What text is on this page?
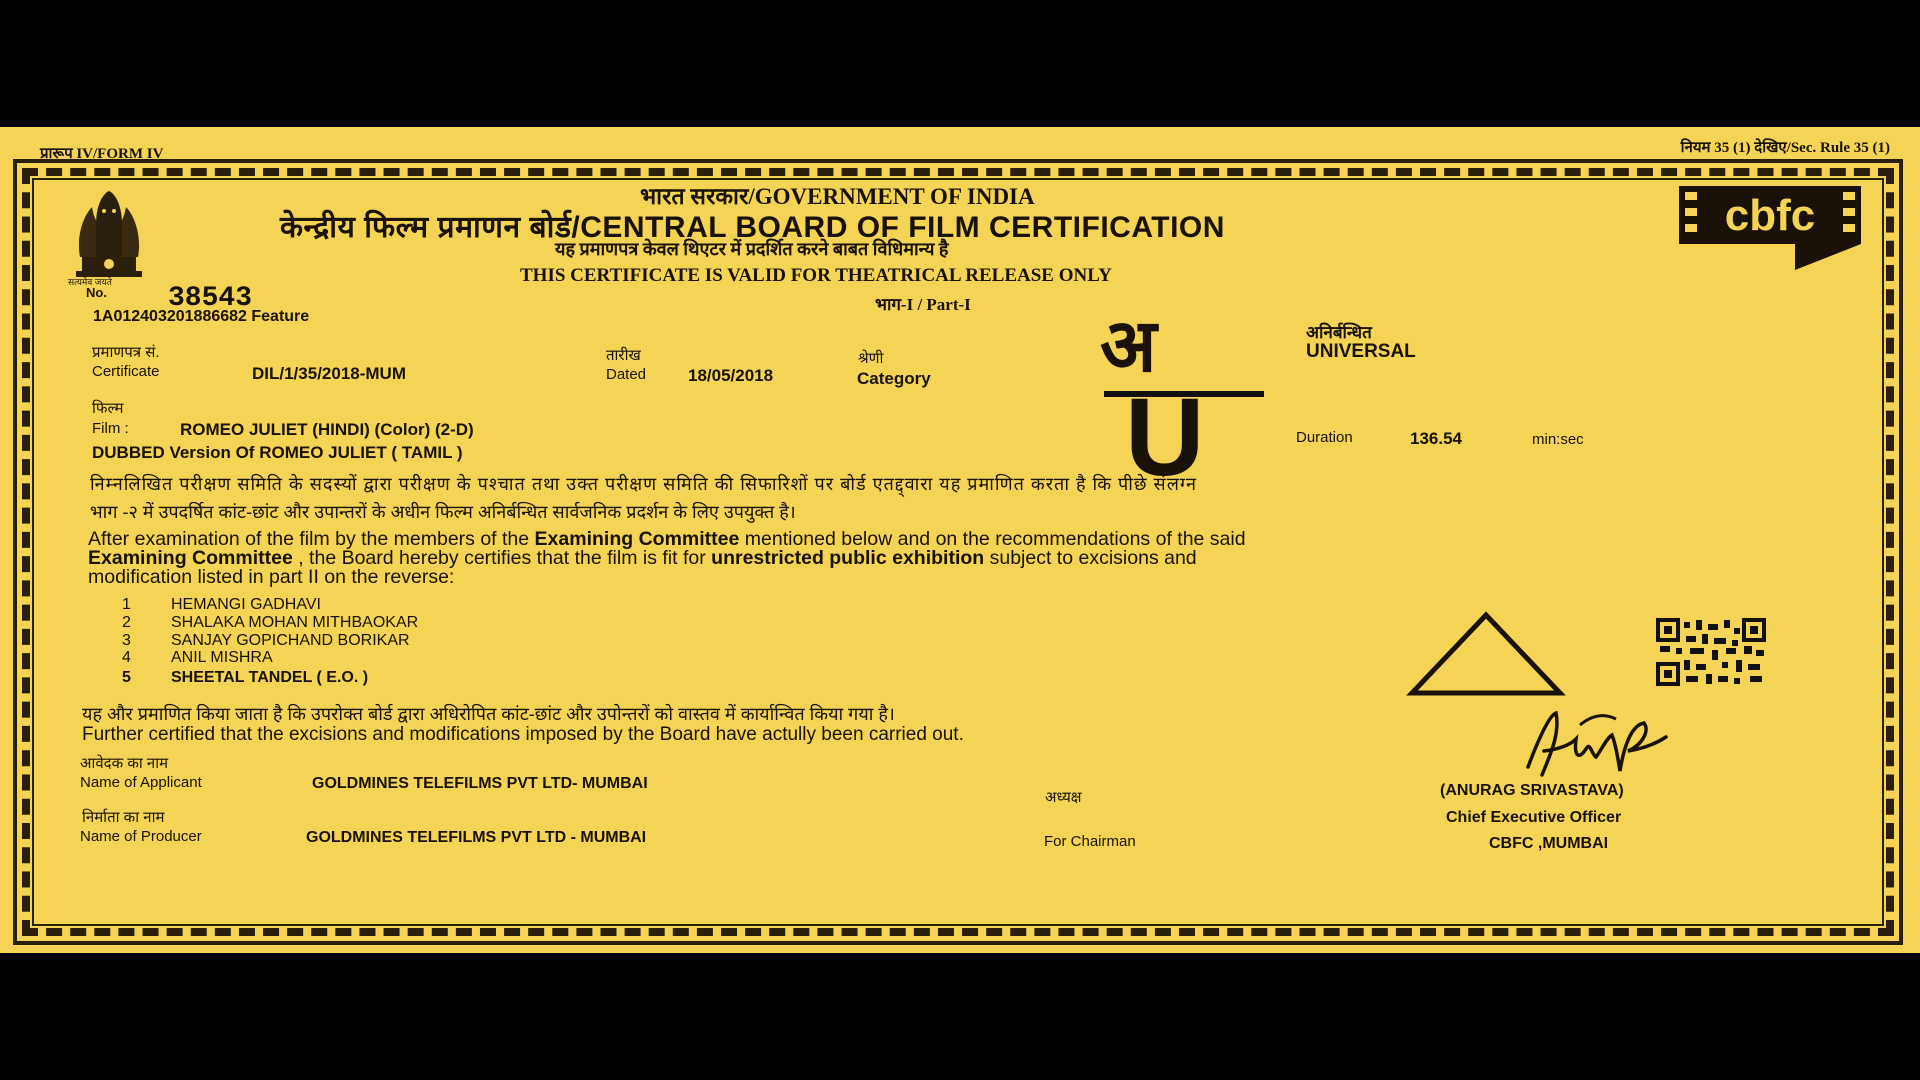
प्रारूप IV/FORM IV	नियम 35 (1) देखिए/Sec. Rule 35 (1)
सत्यमेव जयते
cbfc
भारत सरकार/GOVERNMENT OF INDIA
केन्द्रीय फिल्म प्रमाणन बोर्ड/CENTRAL BOARD OF FILM CERTIFICATION
यह प्रमाणपत्र केवल थिएटर में प्रदर्शित करने बाबत विधिमान्य है
THIS CERTIFICATE IS VALID FOR THEATRICAL RELEASE ONLY
भाग-I / Part-I
No. 38543
1A012403201886682 Feature
प्रमाणपत्र सं.
Certificate	DIL/1/35/2018-MUM
तारीख
Dated 18/05/2018
श्रेणी
Category अ
U
अनिर्बन्धित
UNIVERSAL
फिल्म
Film :	ROMEO JULIET (HINDI) (Color) (2-D)
DUBBED Version Of ROMEO JULIET ( TAMIL )
Duration	136.54	min:sec
निम्नलिखित परीक्षण समिति के सदस्यों द्वारा परीक्षण के पश्चात तथा उक्त परीक्षण समिति की सिफारिशों पर बोर्ड एतद्द्वारा यह प्रमाणित करता है कि पीछे संलग्न
भाग -२ में उपदर्षित कांट-छांट और उपान्तरों के अधीन फिल्म अनिर्बन्धित सार्वजनिक प्रदर्शन के लिए उपयुक्त है।
After examination of the film by the members of the Examining Committee mentioned below and on the recommendations of the said
Examining Committee , the Board hereby certifies that the film is fit for unrestricted public exhibition subject to excisions and
modification listed in part II on the reverse:
1	HEMANGI GADHAVI
2	SHALAKA MOHAN MITHBAOKAR
3	SANJAY GOPICHAND BORIKAR
4	ANIL MISHRA
5	SHEETAL TANDEL ( E.O. )
यह और प्रमाणित किया जाता है कि उपरोक्त बोर्ड द्वारा अधिरोपित कांट-छांट और उपोन्तरों को वास्तव में कार्यान्वित किया गया है।
Further certified that the excisions and modifications imposed by the Board have actully been carried out.
आवेदक का नाम
Name of Applicant	GOLDMINES TELEFILMS PVT LTD- MUMBAI
निर्माता का नाम
Name of Producer	GOLDMINES TELEFILMS PVT LTD - MUMBAI
अध्यक्ष
For Chairman
(ANURAG SRIVASTAVA)
Chief Executive Officer
CBFC ,MUMBAI
